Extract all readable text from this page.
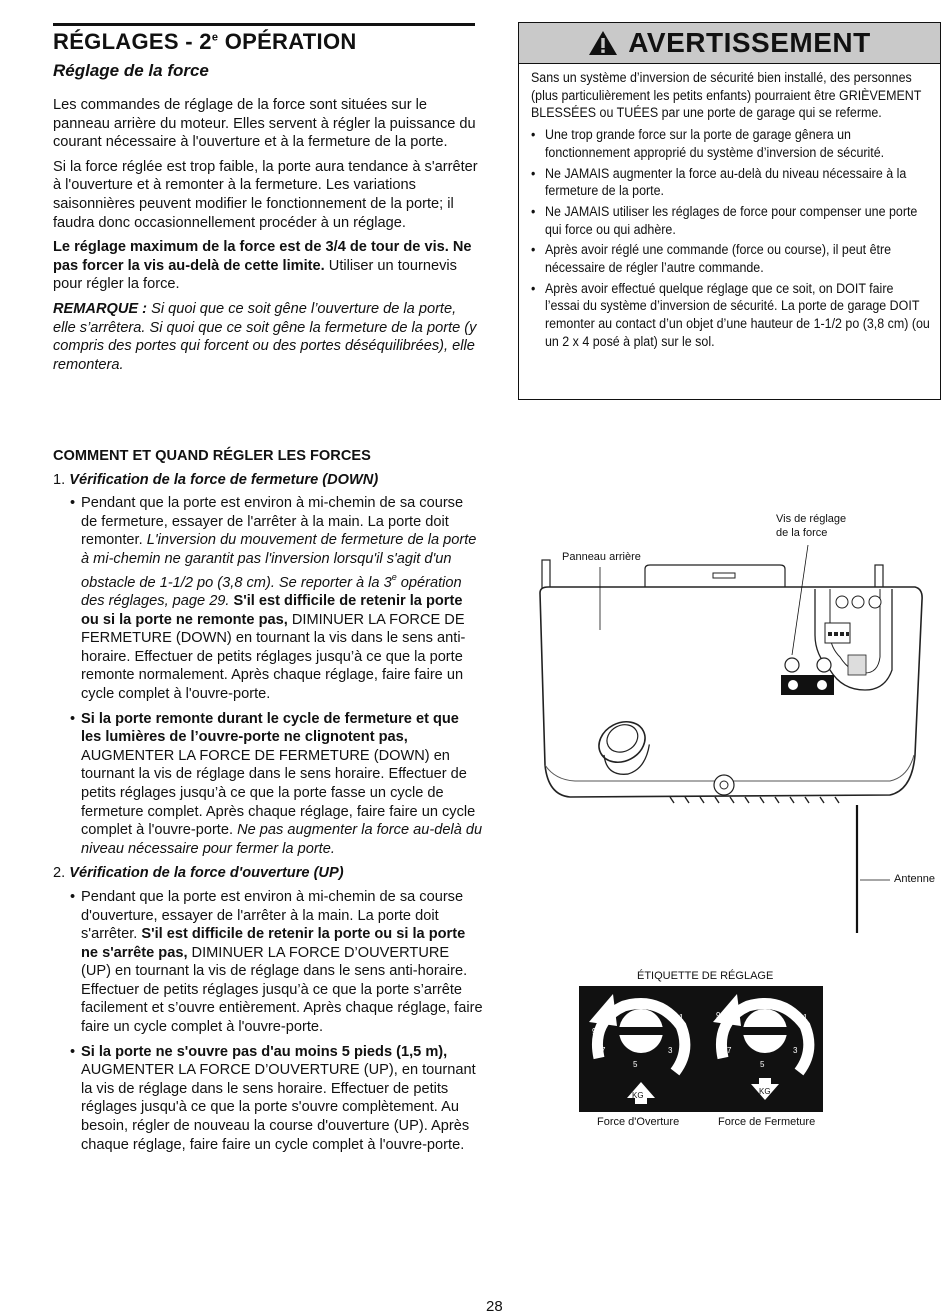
RÉGLAGES - 2e OPÉRATION
Réglage de la force

Les commandes de réglage de la force sont situées sur le panneau arrière du moteur. Elles servent à régler la puissance du courant nécessaire à l'ouverture et à la fermeture de la porte.

Si la force réglée est trop faible, la porte aura tendance à s'arrêter à l'ouverture et à remonter à la fermeture. Les variations saisonnières peuvent modifier le fonctionnement de la porte; il faudra donc occasionnellement procéder à un réglage.

Le réglage maximum de la force est de 3/4 de tour de vis. Ne pas forcer la vis au-delà de cette limite. Utiliser un tournevis pour régler la force.

REMARQUE : Si quoi que ce soit gêne l’ouverture de la porte, elle s’arrêtera. Si quoi que ce soit gêne la fermeture de la porte (y compris des portes qui forcent ou des portes déséquilibrées), elle remontera.

COMMENT ET QUAND RÉGLER LES FORCES
1. Vérification de la force de fermeture (DOWN)
• Pendant que la porte est environ à mi-chemin de sa course de fermeture, essayer de l'arrêter à la main. La porte doit remonter. L'inversion du mouvement de fermeture de la porte à mi-chemin ne garantit pas l'inversion lorsqu'il s'agit d'un obstacle de 1-1/2 po (3,8 cm). Se reporter à la 3e opération des réglages, page 29. S'il est difficile de retenir la porte ou si la porte ne remonte pas, DIMINUER LA FORCE DE FERMETURE (DOWN) en tournant la vis dans le sens anti-horaire. Effectuer de petits réglages jusqu’à ce que la porte remonte normalement. Après chaque réglage, faire faire un cycle complet à l'ouvre-porte.
• Si la porte remonte durant le cycle de fermeture et que les lumières de l’ouvre-porte ne clignotent pas, AUGMENTER LA FORCE DE FERMETURE (DOWN) en tournant la vis de réglage dans le sens horaire. Effectuer de petits réglages jusqu’à ce que la porte fasse un cycle de fermeture complet. Après chaque réglage, faire faire un cycle complet à l'ouvre-porte. Ne pas augmenter la force au-delà du niveau nécessaire pour fermer la porte.
2. Vérification de la force d'ouverture (UP)
• Pendant que la porte est environ à mi-chemin de sa course d'ouverture, essayer de l'arrêter à la main. La porte doit s'arrêter. S'il est difficile de retenir la porte ou si la porte ne s'arrête pas, DIMINUER LA FORCE D’OUVERTURE (UP) en tournant la vis de réglage dans le sens anti-horaire. Effectuer de petits réglages jusqu’à ce que la porte s’arrête facilement et s’ouvre entièrement. Après chaque réglage, faire faire un cycle complet à l'ouvre-porte.
• Si la porte ne s'ouvre pas d'au moins 5 pieds (1,5 m), AUGMENTER LA FORCE D’OUVERTURE (UP), en tournant la vis de réglage dans le sens horaire. Effectuer de petits réglages jusqu'à ce que la porte s'ouvre complètement. Au besoin, régler de nouveau la course d'ouverture (UP). Après chaque réglage, faire faire un cycle complet à l'ouvre-porte.
AVERTISSEMENT

Sans un système d’inversion de sécurité bien installé, des personnes (plus particulièrement les petits enfants) pourraient être GRIÈVEMENT BLESSÉES ou TUÉES par une porte de garage qui se referme.

• Une trop grande force sur la porte de garage gênera un fonctionnement approprié du système d’inversion de sécurité.
• Ne JAMAIS augmenter la force au-delà du niveau nécessaire à la fermeture de la porte.
• Ne JAMAIS utiliser les réglages de force pour compenser une porte qui force ou qui adhère.
• Après avoir réglé une commande (force ou course), il peut être nécessaire de régler l’autre commande.
• Après avoir effectué quelque réglage que ce soit, on DOIT faire l’essai du système d’inversion de sécurité. La porte de garage DOIT remonter au contact d’un objet d’une hauteur de 1-1/2 po (3,8 cm) (ou un 2 x 4 posé à plat) sur le sol.
Vis de réglage
de la force
Panneau arrière
Antenne
ÉTIQUETTE DE RÉGLAGE
9
1
7	3
5
9	1
7	3
5
KG	KG
Force d'Overture	Force de Fermeture
28
